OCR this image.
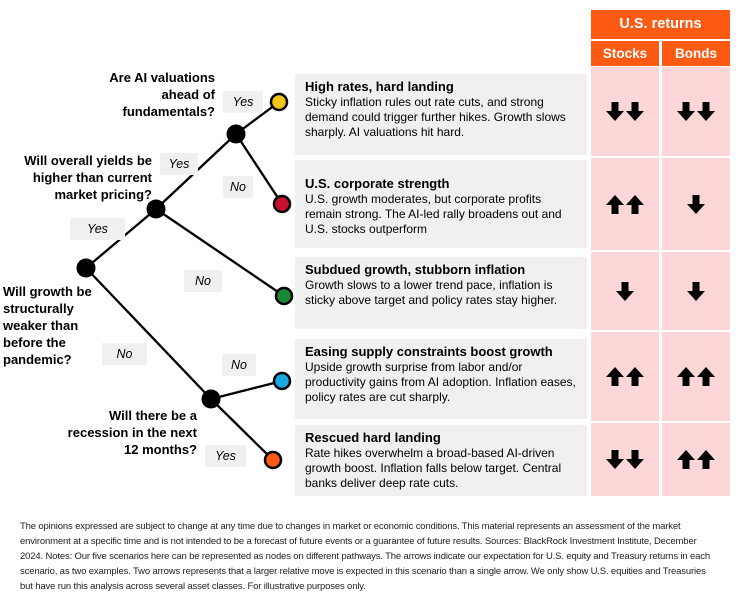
Are AI valuations ahead of fundamentals?
Will overall yields be higher than current market pricing?
Will growth be structurally weaker than before the pandemic?
Will there be a recession in the next 12 months?
Yes
No
Yes
No
Yes
No
No
Yes
High rates, hard landing
Sticky inflation rules out rate cuts, and strong demand could trigger further hikes. Growth slows sharply. AI valuations hit hard.
U.S. corporate strength
U.S. growth moderates, but corporate profits remain strong. The AI-led rally broadens out and U.S. stocks outperform
Subdued growth, stubborn inflation
Growth slows to a lower trend pace, inflation is sticky above target and policy rates stay higher.
Easing supply constraints boost growth
Upside growth surprise from labor and/or productivity gains from AI adoption. Inflation eases, policy rates are cut sharply.
Rescued hard landing
Rate hikes overwhelm a broad-based AI-driven growth boost. Inflation falls below target. Central banks deliver deep rate cuts.
U.S. returns
Stocks	Bonds
The opinions expressed are subject to change at any time due to changes in market or economic conditions. This material represents an assessment of the market environment at a specific time and is not intended to be a forecast of future events or a guarantee of future results. Sources: BlackRock Investment Institute, December 2024. Notes: Our five scenarios here can be represented as nodes on different pathways. The arrows indicate our expectation for U.S. equity and Treasury returns in each scenario, as two examples. Two arrows represents that a larger relative move is expected in this scenario than a single arrow. We only show U.S. equities and Treasuries but have run this analysis across several asset classes. For illustrative purposes only.
